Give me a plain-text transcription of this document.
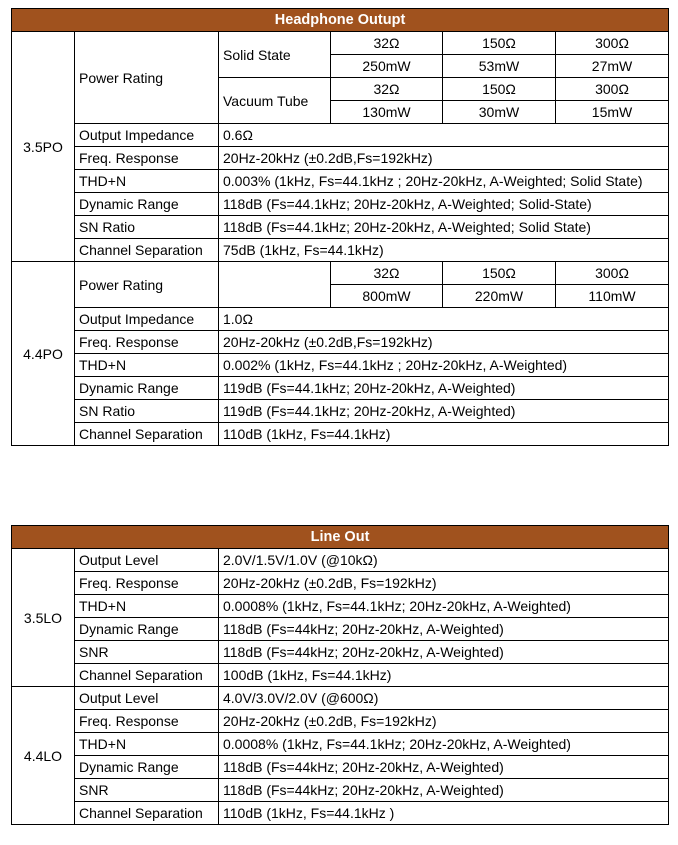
Headphone Outupt					
3.5PO	Power Rating	Solid State	32Ω	150Ω	300Ω
			250mW	53mW	27mW
		Vacuum Tube	32Ω	150Ω	300Ω
			130mW	30mW	15mW
	Output Impedance	0.6Ω			
	Freq. Response	20Hz-20kHz (±0.2dB,Fs=192kHz)			
	THD+N	0.003% (1kHz, Fs=44.1kHz ; 20Hz-20kHz, A-Weighted; Solid State)			
	Dynamic Range	118dB (Fs=44.1kHz; 20Hz-20kHz, A-Weighted; Solid-State)			
	SN Ratio	118dB (Fs=44.1kHz; 20Hz-20kHz, A-Weighted; Solid State)			
	Channel Separation	75dB (1kHz, Fs=44.1kHz)			
4.4PO	Power Rating		32Ω	150Ω	300Ω
			800mW	220mW	110mW
	Output Impedance	1.0Ω			
	Freq. Response	20Hz-20kHz (±0.2dB,Fs=192kHz)			
	THD+N	0.002% (1kHz, Fs=44.1kHz ; 20Hz-20kHz, A-Weighted)			
	Dynamic Range	119dB (Fs=44.1kHz; 20Hz-20kHz, A-Weighted)			
	SN Ratio	119dB (Fs=44.1kHz; 20Hz-20kHz, A-Weighted)			
	Channel Separation	110dB (1kHz, Fs=44.1kHz)			
Line Out		
3.5LO	Output Level	2.0V/1.5V/1.0V (@10kΩ)
	Freq. Response	20Hz-20kHz (±0.2dB, Fs=192kHz)
	THD+N	0.0008% (1kHz, Fs=44.1kHz; 20Hz-20kHz, A-Weighted)
	Dynamic Range	118dB (Fs=44kHz; 20Hz-20kHz, A-Weighted)
	SNR	118dB (Fs=44kHz; 20Hz-20kHz, A-Weighted)
	Channel Separation	100dB (1kHz, Fs=44.1kHz)
4.4LO	Output Level	4.0V/3.0V/2.0V (@600Ω)
	Freq. Response	20Hz-20kHz (±0.2dB, Fs=192kHz)
	THD+N	0.0008% (1kHz, Fs=44.1kHz; 20Hz-20kHz, A-Weighted)
	Dynamic Range	118dB (Fs=44kHz; 20Hz-20kHz, A-Weighted)
	SNR	118dB (Fs=44kHz; 20Hz-20kHz, A-Weighted)
	Channel Separation	110dB (1kHz, Fs=44.1kHz )
